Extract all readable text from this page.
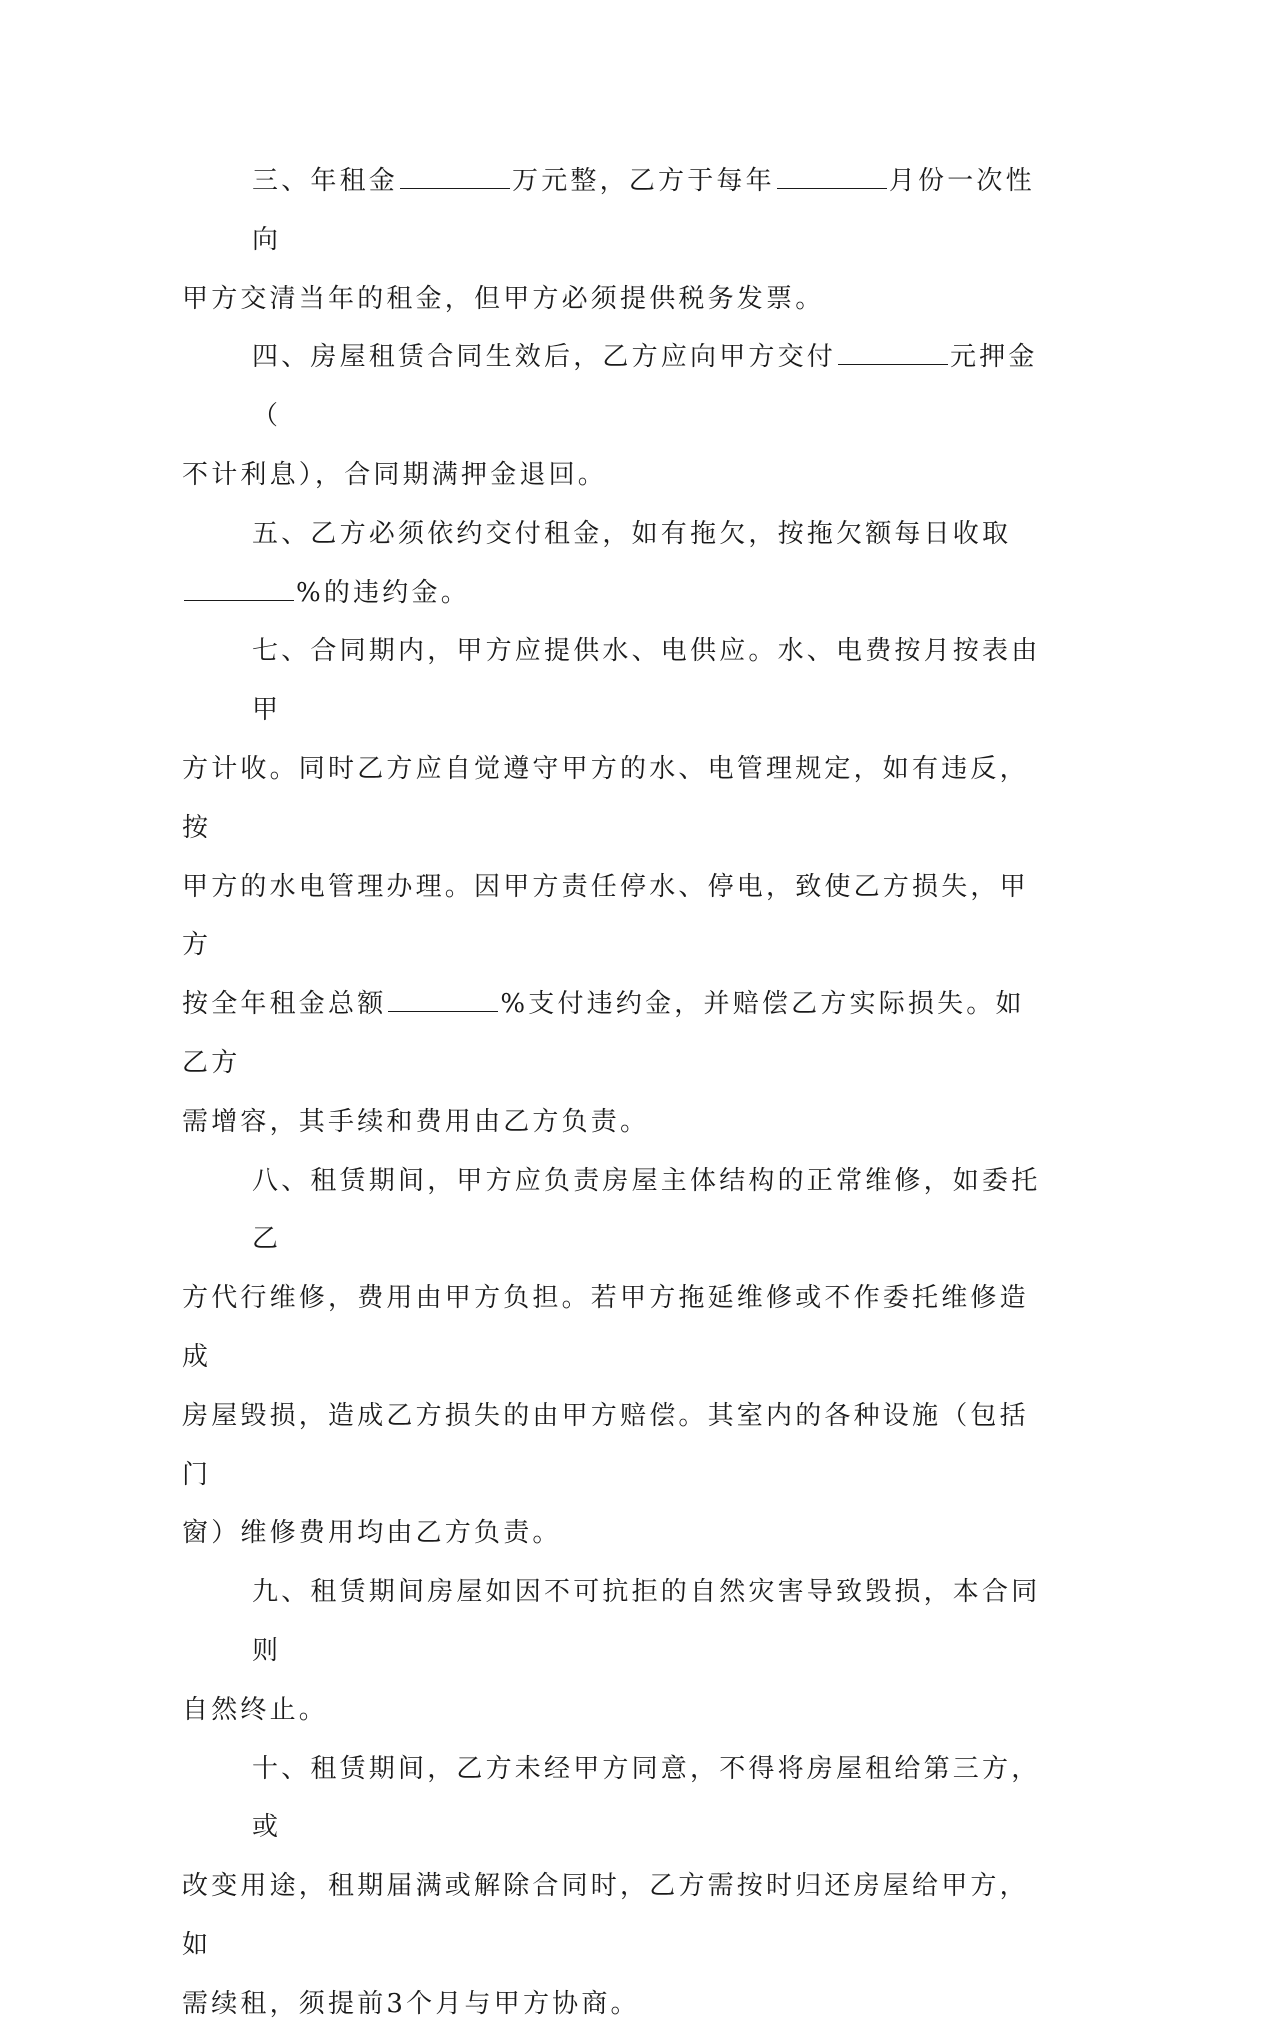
三、年租金	万元整，乙方于每年	月份一次性向
甲方交清当年的租金，但甲方必须提供税务发票。

四、房屋租赁合同生效后，乙方应向甲方交付	元押金（
不计利息），合同期满押金退回。

五、乙方必须依约交付租金，如有拖欠，按拖欠额每日收取
%的违约金。

七、合同期内，甲方应提供水、电供应。水、电费按月按表由甲
方计收。同时乙方应自觉遵守甲方的水、电管理规定，如有违反，按
甲方的水电管理办理。因甲方责任停水、停电，致使乙方损失，甲方
按全年租金总额	%支付违约金，并赔偿乙方实际损失。如乙方
需增容，其手续和费用由乙方负责。

八、租赁期间，甲方应负责房屋主体结构的正常维修，如委托乙
方代行维修，费用由甲方负担。若甲方拖延维修或不作委托维修造成
房屋毁损，造成乙方损失的由甲方赔偿。其室内的各种设施（包括门
窗）维修费用均由乙方负责。

九、租赁期间房屋如因不可抗拒的自然灾害导致毁损，本合同则
自然终止。

十、租赁期间，乙方未经甲方同意，不得将房屋租给第三方，或
改变用途，租期届满或解除合同时，乙方需按时归还房屋给甲方，如
需续租，须提前3个月与甲方协商。
